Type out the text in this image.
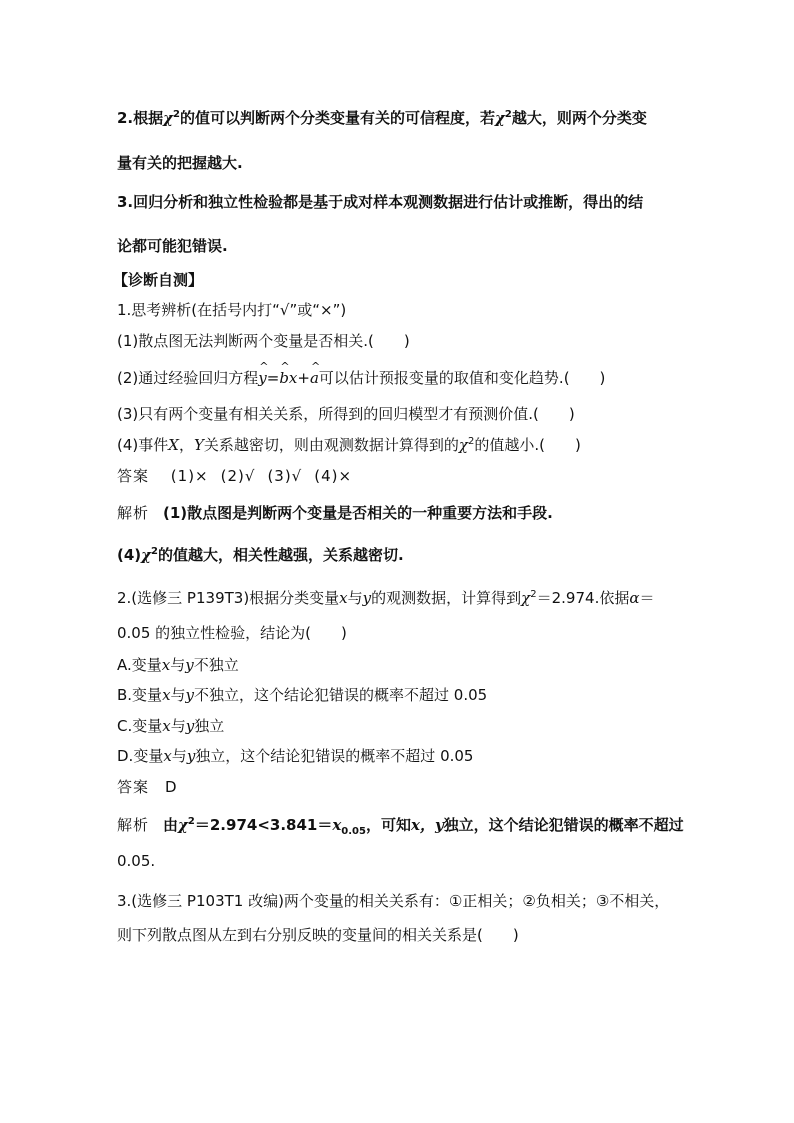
2.根据$\chi^2$的值可以判断两个分类变量有关的可信程度，若$\chi^2$越大，则两个分类变
量有关的把握越大.
3.回归分析和独立性检验都是基于成对样本观测数据进行估计或推断，得出的结
论都可能犯错误.
【诊断自测】
1.思考辨析(在括号内打“√”或“×”)
(1)散点图无法判断两个变量是否相关.(　　)
(2)通过经验回归方程^ y=^ bx+^ a可以估计预报变量的取值和变化趋势.(　　)
(3)只有两个变量有相关关系，所得到的回归模型才有预测价值.(　　)
(4)事件X，Y关系越密切，则由观测数据计算得到的$\chi^2$的值越小.(　　)
答案 (1)× (2)√ (3)√ (4)×
解析 (1)散点图是判断两个变量是否相关的一种重要方法和手段.
$(4)\chi^2$的值越大，相关性越强，关系越密切.
2.(选修三 P139T3)根据分类变量x与y的观测数据，计算得到$\chi^2=2.974$.依据α＝
0.05 的独立性检验，结论为(　　)
A.变量x与y不独立
B.变量x与y不独立，这个结论犯错误的概率不超过 0.05
C.变量x与y独立
D.变量x与y独立，这个结论犯错误的概率不超过 0.05
答案 D
解析 由$\chi^2=2.974<3.841=x_{0.05}$，可知x，y独立，这个结论犯错误的概率不超过
0.05.
3.(选修三 P103T1 改编)两个变量的相关关系有：①正相关；②负相关；③不相关，
则下列散点图从左到右分别反映的变量间的相关关系是(　　)
